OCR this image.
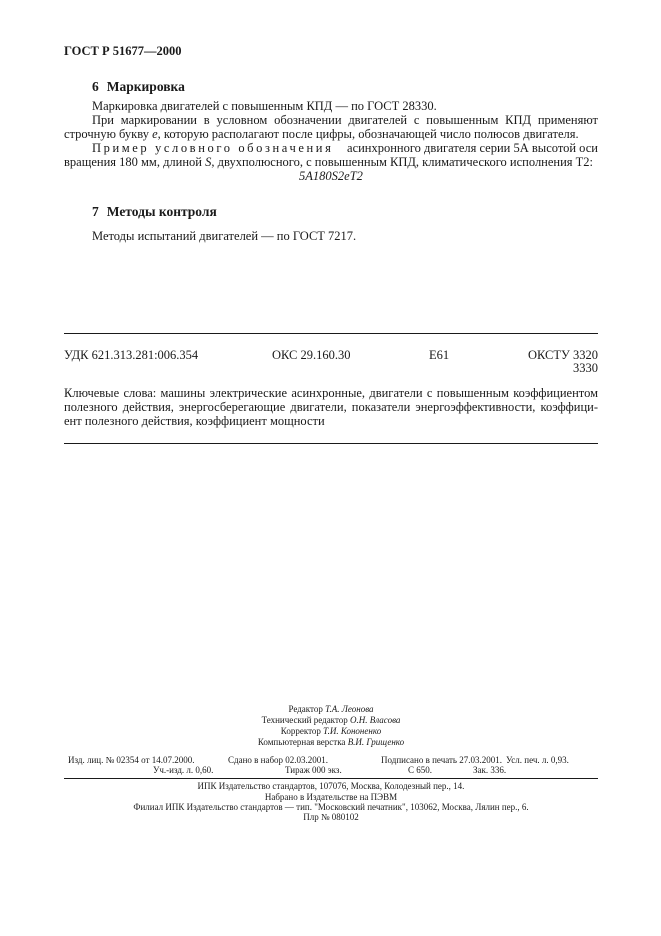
ГОСТ Р 51677—2000
6 Маркировка
Маркировка двигателей с повышенным КПД — по ГОСТ 28330.
При маркировании в условном обозначении двигателей с повышенным КПД применяют
строчную букву е, которую располагают после цифры, обозначающей число полюсов двигателя.
Пример условного обозначения асинхронного двигателя серии 5А высотой оси
вращения 180 мм, длиной S, двухполюсного, с повышенным КПД, климатического исполнения Т2:
5А180S2еТ2
7 Методы контроля
Методы испытаний двигателей — по ГОСТ 7217.
УДК 621.313.281:006.354	ОКС 29.160.30	Е61	ОКСТУ 3320
3330
Ключевые слова: машины электрические асинхронные, двигатели с повышенным коэффициентом
полезного действия, энергосберегающие двигатели, показатели энергоэффективности, коэффици-
ент полезного действия, коэффициент мощности
Редактор Т.А. Леонова
Технический редактор О.Н. Власова
Корректор Т.И. Кононенко
Компьютерная верстка В.И. Грищенко
Изд. лиц. № 02354 от 14.07.2000.	Сдано в набор 02.03.2001.	Подписано в печать 27.03.2001. Усл. печ. л. 0,93.
Уч.-изд. л. 0,60.	Тираж 000 экз.	С 650.	Зак. 336.
ИПК Издательство стандартов, 107076, Москва, Колодезный пер., 14.
Набрано в Издательстве на ПЭВМ
Филиал ИПК Издательство стандартов — тип. "Московский печатник", 103062, Москва, Лялин пер., 6.
Плр № 080102
